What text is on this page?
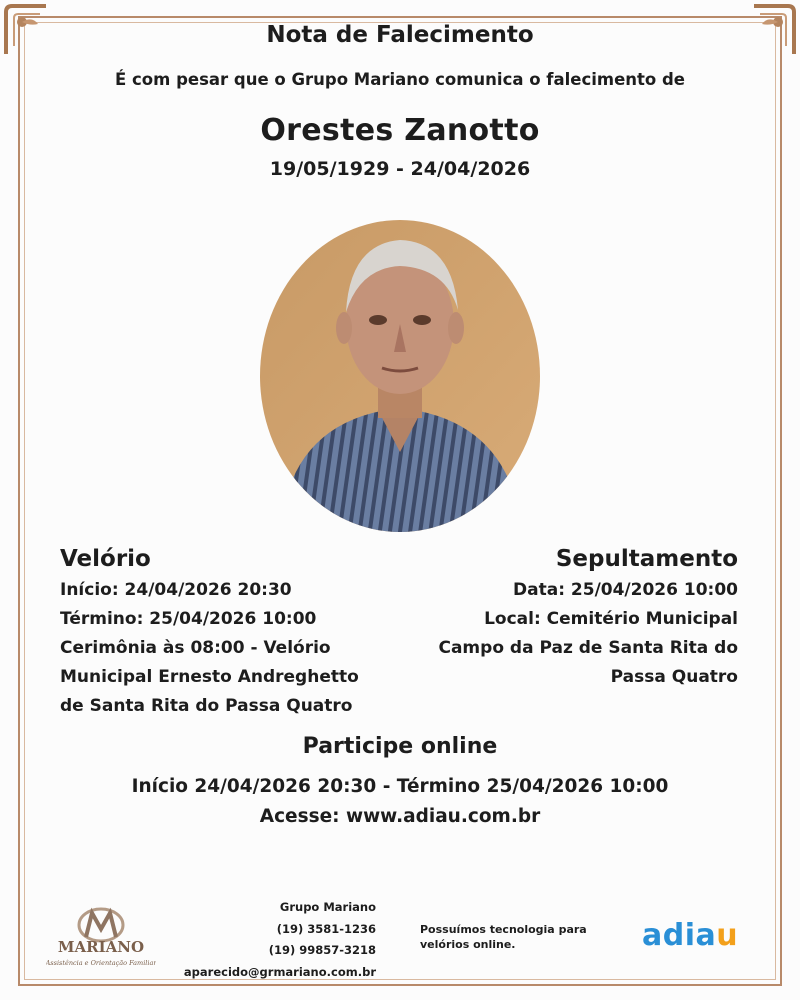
Nota de Falecimento
É com pesar que o Grupo Mariano comunica o falecimento de
Orestes Zanotto
19/05/1929 - 24/04/2026
Velório
Início: 24/04/2026 20:30
Término: 25/04/2026 10:00
Cerimônia às 08:00 - Velório
Municipal Ernesto Andreghetto
de Santa Rita do Passa Quatro
Sepultamento
Data: 25/04/2026 10:00
Local: Cemitério Municipal
Campo da Paz de Santa Rita do
Passa Quatro
Participe online
Início 24/04/2026 20:30 - Término 25/04/2026 10:00
Acesse: www.adiau.com.br
MARIANO
Assistência e Orientação Familiar
Grupo Mariano
(19) 3581-1236
(19) 99857-3218
aparecido@grmariano.com.br
Possuímos tecnologia para velórios online.	adiau
